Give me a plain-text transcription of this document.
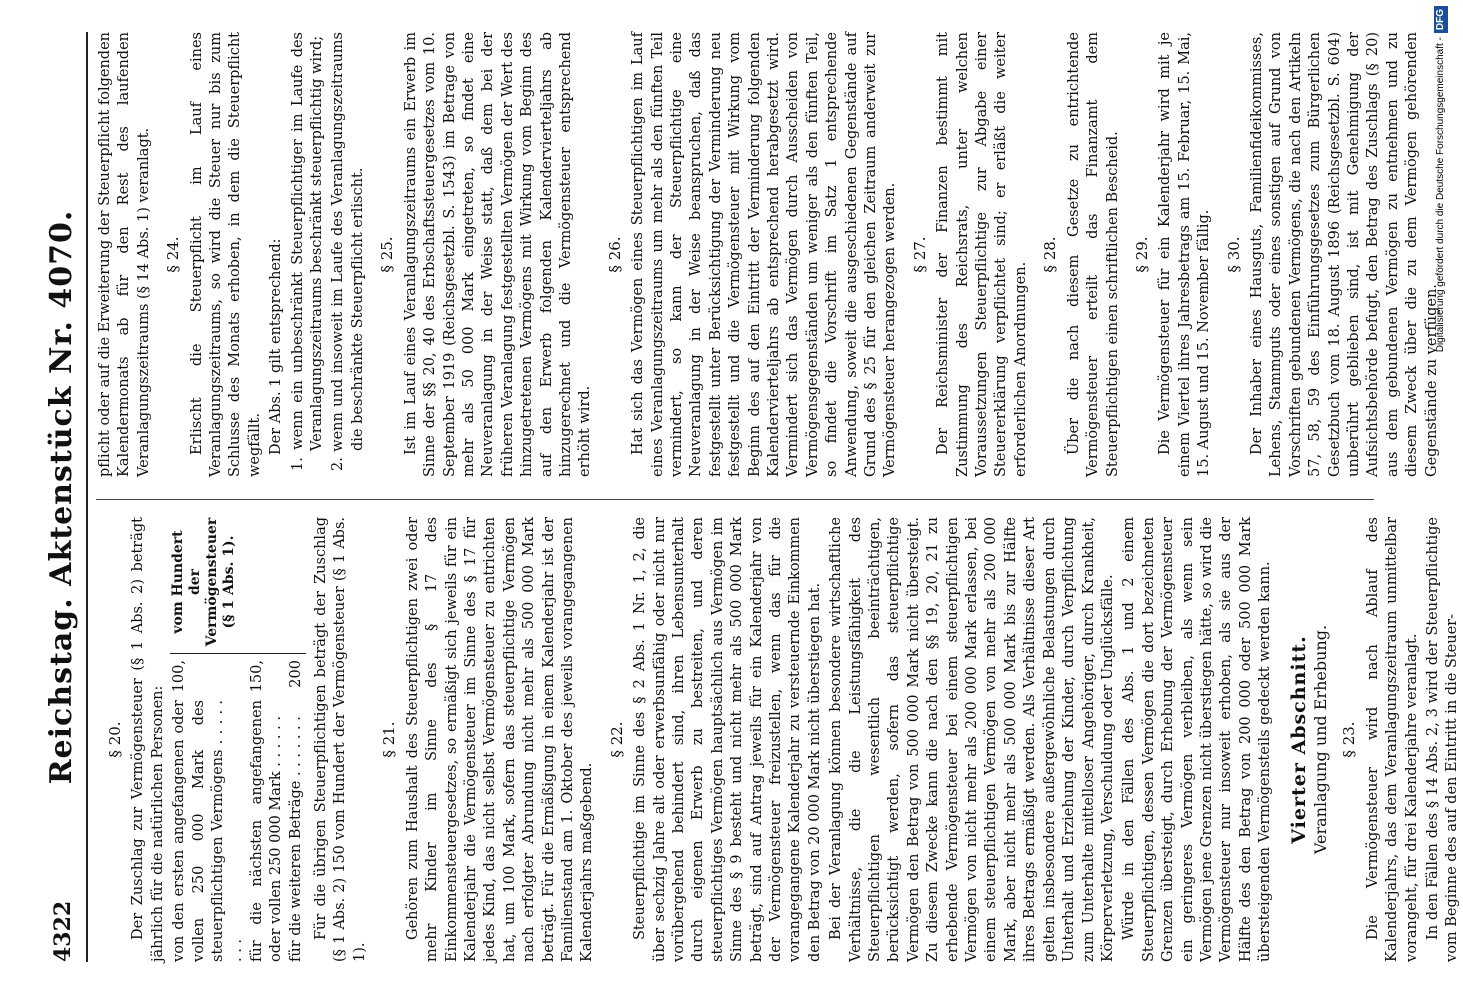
4322
Reichstag. Aktenstück Nr. 4070. § 20. Der Zuschlag zur Vermögensteuer (§ 1 Abs. 2) beträgt jährlich für die natürlichen Personen: von den ersten angefangenen oder vollen 250 000 Mark des steuerpflichtigen Vermögens . . . . . . . .
100,
für die nächsten angefangenen oder vollen 250 000 Mark . . . . . .
150,
für die weiteren Beträge . . . . . . .
200
vom Hundert der Vermögensteuer (§ 1 Abs. 1).	Für die übrigen Steuerpflichtigen beträgt der Zuschlag (§ 1 Abs. 2) 150 vom Hundert der Vermögensteuer (§ 1 Abs. 1).

§ 21. Gehören zum Haushalt des Steuerpflichtigen zwei oder mehr Kinder im Sinne des § 17 des Einkommensteuergesetzes, so ermäßigt sich jeweils für ein Kalenderjahr die Vermögensteuer im Sinne des § 17 für jedes Kind, das nicht selbst Vermögensteuer zu entrichten hat, um 100 Mark, sofern das steuerpflichtige Vermögen nach erfolgter Abrundung nicht mehr als 500 000 Mark beträgt. Für die Ermäßigung in einem Kalenderjahr ist der Familienstand am 1. Oktober des jeweils vorangegangenen Kalenderjahrs maßgebend.

§ 22. Steuerpflichtige im Sinne des § 2 Abs. 1 Nr. 1, 2, die über sechzig Jahre alt oder erwerbsunfähig oder nicht nur vorübergehend behindert sind, ihren Lebensunterhalt durch eigenen Erwerb zu bestreiten, und deren steuerpflichtiges Vermögen hauptsächlich aus Vermögen im Sinne des § 9 besteht und nicht mehr als 500 000 Mark beträgt, sind auf Antrag jeweils für ein Kalenderjahr von der Vermögensteuer freizustellen, wenn das für die vorangegangene Kalenderjahr zu versteuernde Einkommen den Betrag von 20 000 Mark nicht überstiegen hat. Bei der Veranlagung können besondere wirtschaftliche Verhältnisse, die die Leistungsfähigkeit des Steuerpflichtigen wesentlich beeinträchtigen, berücksichtigt werden, sofern das steuerpflichtige Vermögen den Betrag von 500 000 Mark nicht übersteigt. Zu diesem Zwecke kann die nach den §§ 19, 20, 21 zu erhebende Vermögensteuer bei einem steuerpflichtigen Vermögen von nicht mehr als 200 000 Mark erlassen, bei einem steuerpflichtigen Vermögen von mehr als 200 000 Mark, aber nicht mehr als 500 000 Mark bis zur Hälfte ihres Betrags ermäßigt werden. Als Verhältnisse dieser Art gelten insbesondere außergewöhnliche Belastungen durch Unterhalt und Erziehung der Kinder, durch Verpflichtung zum Unterhalte mittelloser Angehöriger, durch Krankheit, Körperverletzung, Verschuldung oder Unglücksfälle. Würde in den Fällen des Abs. 1 und 2 einem Steuerpflichtigen, dessen Vermögen die dort bezeichneten Grenzen übersteigt, durch Erhebung der Vermögensteuer ein geringeres Vermögen verbleiben, als wenn sein Vermögen jene Grenzen nicht überstiegen hätte, so wird die Vermögensteuer nur insoweit erhoben, als sie aus der Hälfte des den Betrag von 200 000 oder 500 000 Mark übersteigenden Vermögensteils gedeckt werden kann. Vierter Abschnitt. Veranlagung und Erhebung. § 23. Die Vermögensteuer wird nach Ablauf des Kalenderjahrs, das dem Veranlagungszeitraum unmittelbar vorangeht, für drei Kalenderjahre veranlagt. In den Fällen des § 14 Abs. 2, 3 wird der Steuerpflichtige vom Beginne des auf den Eintritt in die Steuer-

pflicht oder auf die Erweiterung der Steuerpflicht folgenden Kalendermonats ab für den Rest des laufenden Veranlagungszeitraums (§ 14 Abs. 1) veranlagt. § 24. Erlischt die Steuerpflicht im Lauf eines Veranlagungszeitraums, so wird die Steuer nur bis zum Schlusse des Monats erhoben, in dem die Steuerpflicht wegfällt. Der Abs. 1 gilt entsprechend: 1. wenn ein unbeschränkt Steuerpflichtiger im Laufe des Veranlagungszeitraums beschränkt steuerpflichtig wird; 2. wenn und insoweit im Laufe des Veranlagungszeitraums die beschränkte Steuerpflicht erlischt. § 25. Ist im Lauf eines Veranlagungszeitraums ein Erwerb im Sinne der §§ 20, 40 des Erbschaftssteuergesetzes vom 10. September 1919 (Reichsgesetzbl. S. 1543) im Betrage von mehr als 50 000 Mark eingetreten, so findet eine Neuveranlagung in der Weise statt, daß dem bei der früheren Veranlagung festgestellten Vermögen der Wert des hinzugetretenen Vermögens mit Wirkung vom Beginn des auf den Erwerb folgenden Kalendervierteljahrs ab hinzugerechnet und die Vermögensteuer entsprechend erhöht wird.

§ 26. Hat sich das Vermögen eines Steuerpflichtigen im Lauf eines Veranlagungszeitraums um mehr als den fünften Teil vermindert, so kann der Steuerpflichtige eine Neuveranlagung in der Weise beanspruchen, daß das festgestellt unter Berücksichtigung der Verminderung neu festgestellt und die Vermögensteuer mit Wirkung vom Beginn des auf den Eintritt der Verminderung folgenden Kalendervierteljahrs ab entsprechend herabgesetzt wird. Vermindert sich das Vermögen durch Ausscheiden von Vermögensgegenständen um weniger als den fünften Teil, so findet die Vorschrift im Satz 1 entsprechende Anwendung, soweit die ausgeschiedenen Gegenstände auf Grund des § 25 für den gleichen Zeitraum anderweit zur Vermögensteuer herangezogen werden. § 27. Der Reichsminister der Finanzen bestimmt mit Zustimmung des Reichsrats, unter welchen Voraussetzungen Steuerpflichtige zur Abgabe einer Steuererklärung verpflichtet sind; er erläßt die weiter erforderlichen Anordnungen.

§ 28. Über die nach diesem Gesetze zu entrichtende Vermögensteuer erteilt das Finanzamt dem Steuerpflichtigen einen schriftlichen Bescheid. § 29. Die Vermögensteuer für ein Kalenderjahr wird mit je einem Viertel ihres Jahresbetrags am 15. Februar, 15. Mai, 15. August und 15. November fällig. § 30. Der Inhaber eines Hausguts, Familienfideikommisses, Lehens, Stammguts oder eines sonstigen auf Grund von Vorschriften gebundenen Vermögens, die nach den Artikeln 57, 58, 59 des Einführungsgesetzes zum Bürgerlichen Gesetzbuch vom 18. August 1896 (Reichsgesetzbl. S. 604) unberührt geblieben sind, ist mit Genehmigung der Aufsichtsbehörde befugt, den Betrag des Zuschlags (§ 20) aus dem gebundenen Vermögen zu entnehmen und zu diesem Zweck über die zu dem Vermögen gehörenden Gegenstände zu verfügen.

Digitalisierung gefördert durch die Deutsche Forschungsgemeinschaft -DFG
